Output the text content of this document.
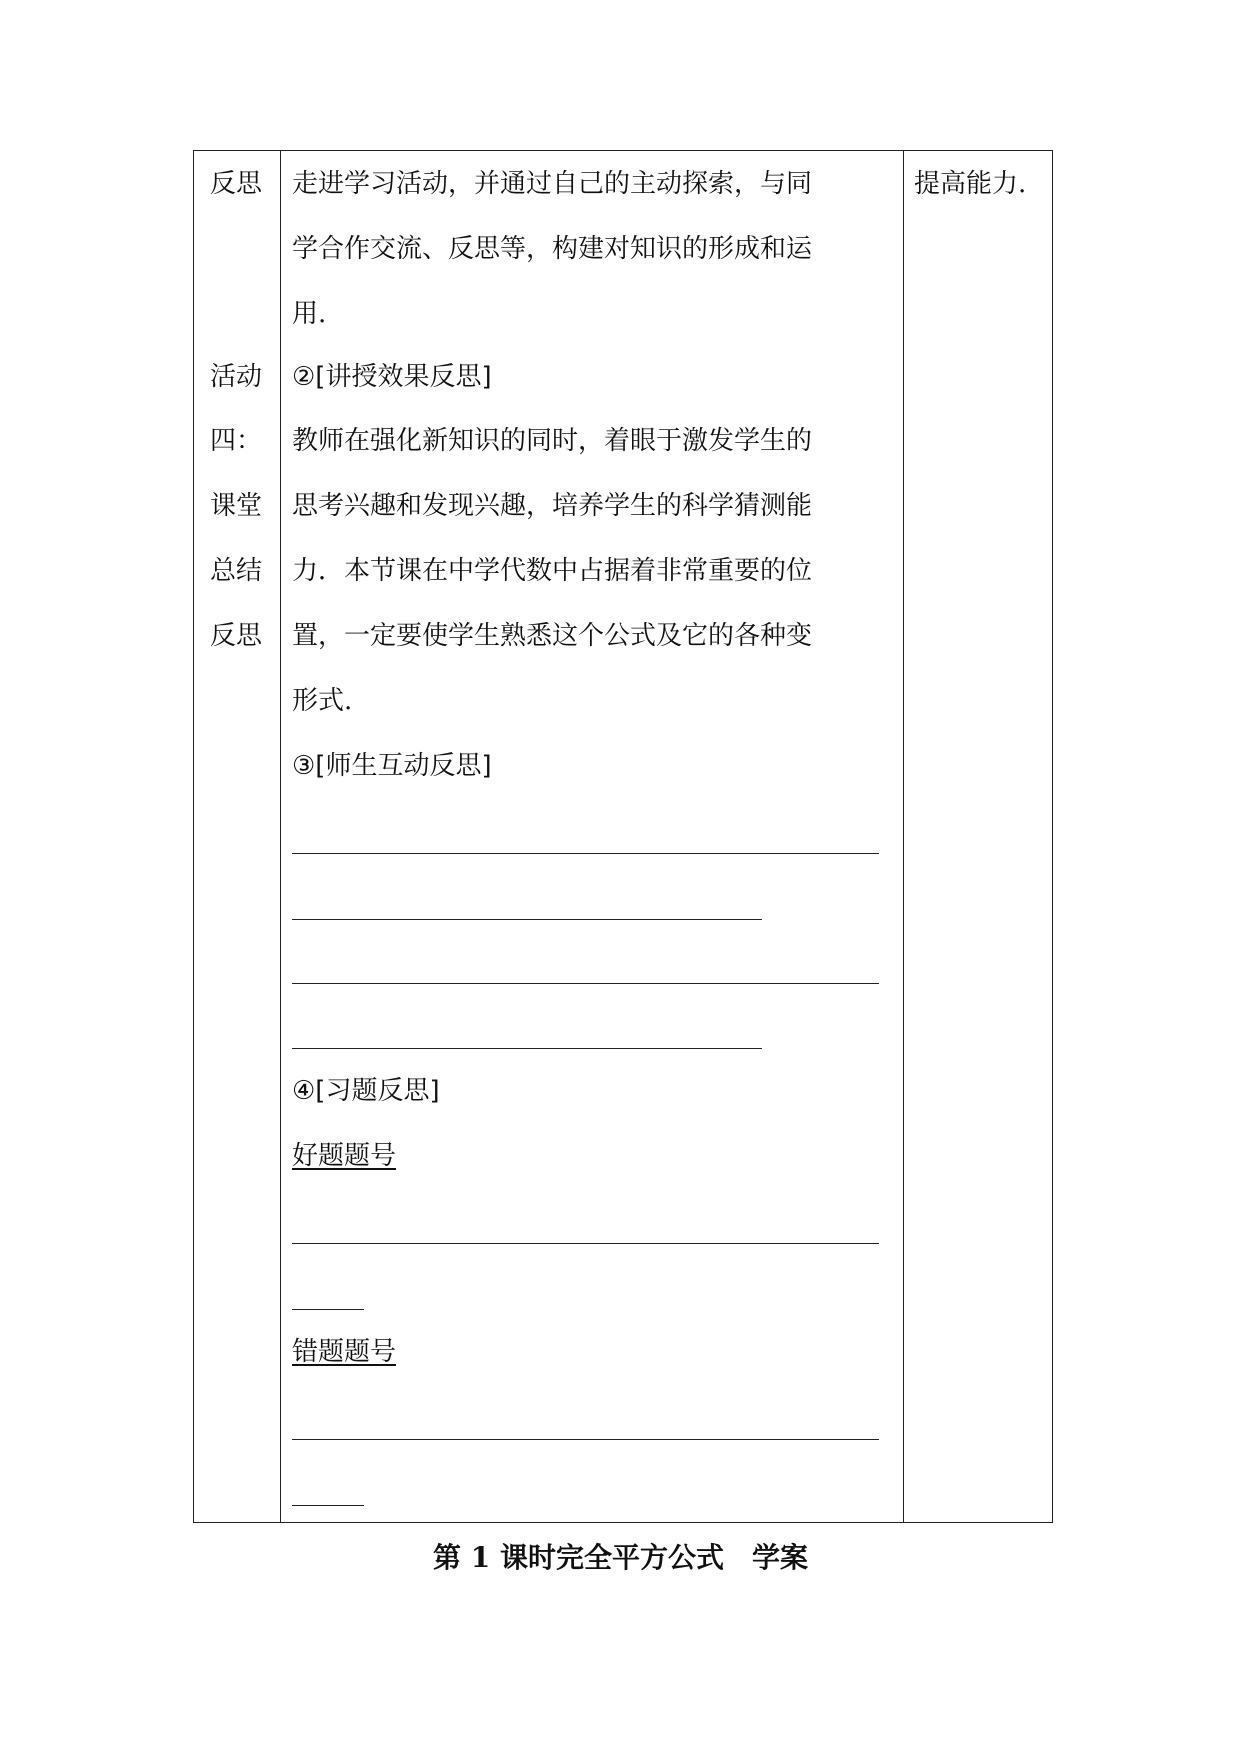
反思
活动
四：
课堂
总结
反思
走进学习活动，并通过自己的主动探索，与同
学合作交流、反思等，构建对知识的形成和运
用.
②[讲授效果反思]
教师在强化新知识的同时，着眼于激发学生的
思考兴趣和发现兴趣，培养学生的科学猜测能
力．本节课在中学代数中占据着非常重要的位
置，一定要使学生熟悉这个公式及它的各种变
形式.
③[师生互动反思]
④[习题反思]
好题题号
错题题号
提高能力.
第 1 课时完全平方公式 学案
